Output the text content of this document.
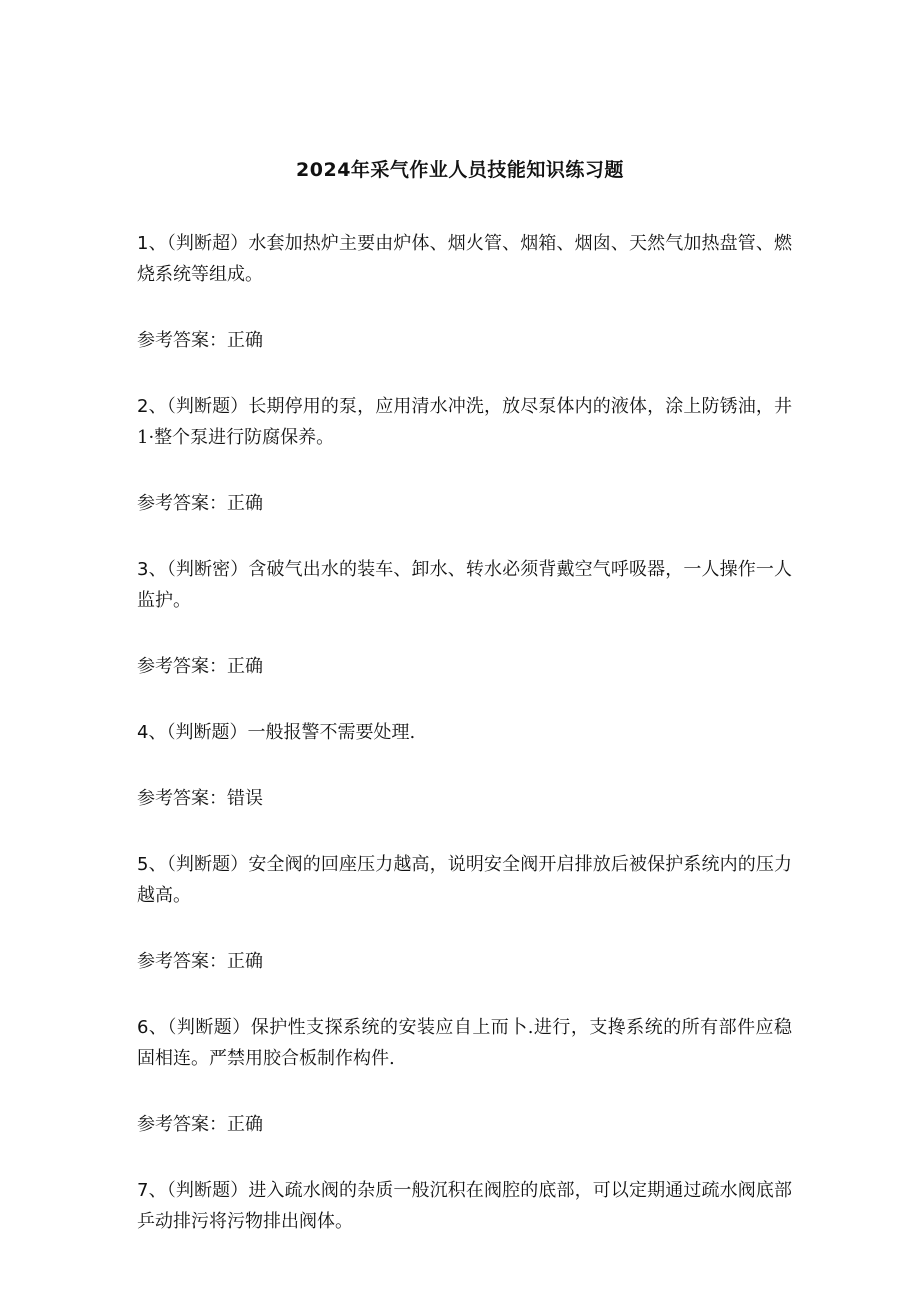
2024年采气作业人员技能知识练习题

1、（判断超）水套加热炉主要由炉体、烟火管、烟箱、烟囱、天然气加热盘管、燃烧系统等组成。

参考答案：正确

2、（判断题）长期停用的泵，应用清水冲洗，放尽泵体内的液体，涂上防锈油，井1·整个泵进行防腐保养。

参考答案：正确

3、（判断密）含破气出水的装车、卸水、转水必须背戴空气呼吸器，一人操作一人监护。

参考答案：正确

4、（判断题）一般报警不需要处理.

参考答案：错误

5、（判断题）安全阀的回座压力越高，说明安全阀开启排放后被保护系统内的压力越高。

参考答案：正确

6、（判断题）保护性支探系统的安装应自上而卜.进行，支搀系统的所有部件应稳固相连。严禁用胶合板制作构件.

参考答案：正确

7、（判断题）进入疏水阀的杂质一般沉积在阀腔的底部，可以定期通过疏水阀底部乒动排污将污物排出阀体。
